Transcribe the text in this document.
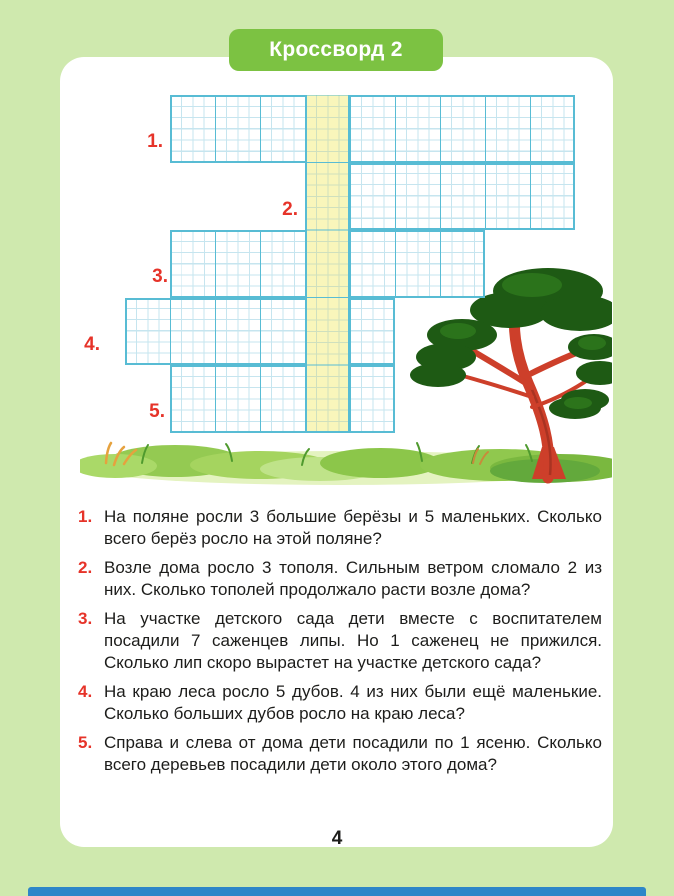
Кроссворд 2
1.
2.
3.
4.
5.
1. На поляне росли 3 большие берёзы и 5 маленьких. Сколько всего берёз росло на этой поляне?
2. Возле дома росло 3 тополя. Сильным ветром сломало 2 из них. Сколько тополей продолжало расти возле дома?
3. На участке детского сада дети вместе с воспитателем посадили 7 саженцев липы. Но 1 саженец не прижился. Сколько лип скоро вырастет на участке детского сада?
4. На краю леса росло 5 дубов. 4 из них были ещё маленькие. Сколько больших дубов росло на краю леса?
5. Справа и слева от дома дети посадили по 1 ясеню. Сколько всего деревьев посадили дети около этого дома?
4
